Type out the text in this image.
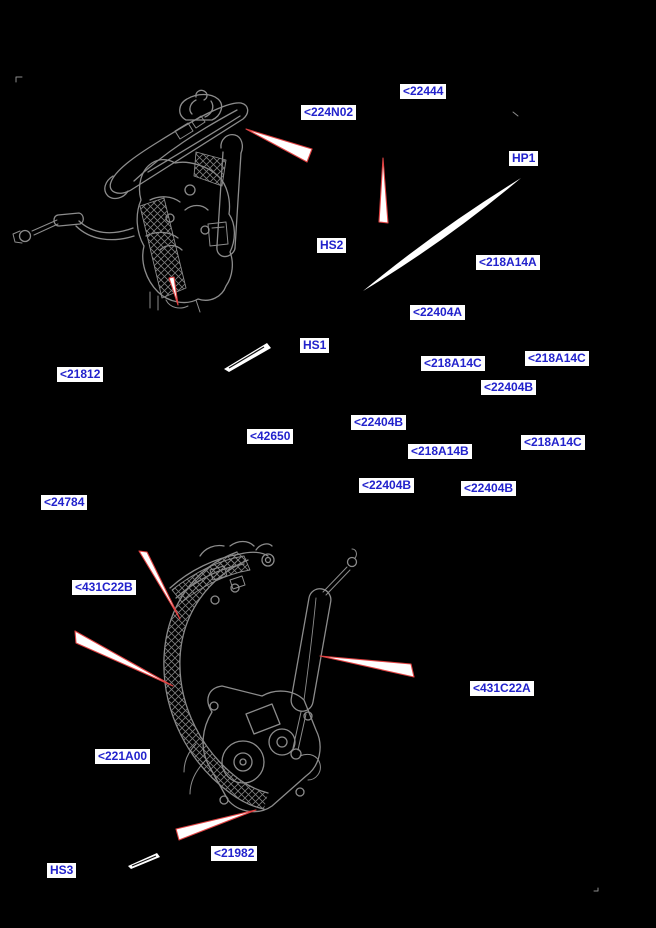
<22444
<224N02
HP1
HS2
<218A14A
<22404A
HS1
<218A14C	<218A14C
<22404B
<22404B
<218A14C
<218A14B
<22404B	<22404B
<21812
<42650
<24784
<431C22B
<431C22A
<221A00
<21982
HS3
